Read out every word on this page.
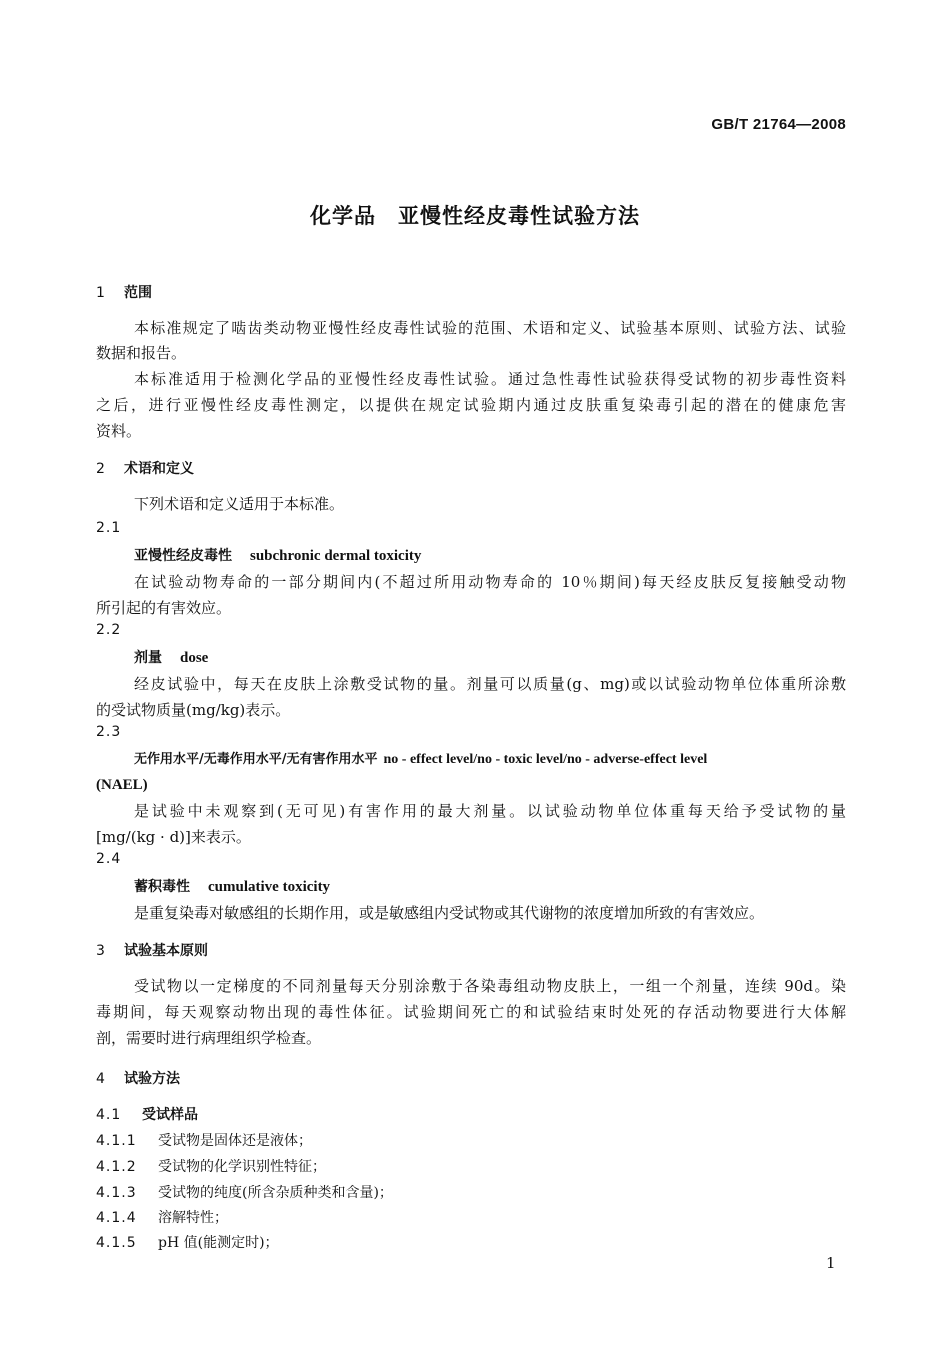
GB/T 21764—2008
化学品　亚慢性经皮毒性试验方法
1 范围
本标准规定了啮齿类动物亚慢性经皮毒性试验的范围、术语和定义、试验基本原则、试验方法、试验
数据和报告。
本标准适用于检测化学品的亚慢性经皮毒性试验。通过急性毒性试验获得受试物的初步毒性资料
之后，进行亚慢性经皮毒性测定，以提供在规定试验期内通过皮肤重复染毒引起的潜在的健康危害
资料。
2 术语和定义
下列术语和定义适用于本标准。
2.1
亚慢性经皮毒性 subchronic dermal toxicity
在试验动物寿命的一部分期间内(不超过所用动物寿命的 10％期间)每天经皮肤反复接触受动物
所引起的有害效应。
2.2
剂量 dose
经皮试验中，每天在皮肤上涂敷受试物的量。剂量可以质量(g、mg)或以试验动物单位体重所涂敷
的受试物质量(mg/kg)表示。
2.3
无作用水平/无毒作用水平/无有害作用水平 no - effect level/no - toxic level/no - adverse-effect level
(NAEL)
是试验中未观察到(无可见)有害作用的最大剂量。以试验动物单位体重每天给予受试物的量
[mg/(kg · d)]来表示。
2.4
蓄积毒性 cumulative toxicity
是重复染毒对敏感组的长期作用，或是敏感组内受试物或其代谢物的浓度增加所致的有害效应。
3 试验基本原则
受试物以一定梯度的不同剂量每天分别涂敷于各染毒组动物皮肤上，一组一个剂量，连续 90d。染
毒期间，每天观察动物出现的毒性体征。试验期间死亡的和试验结束时处死的存活动物要进行大体解
剖，需要时进行病理组织学检查。
4 试验方法
4.1 受试样品
4.1.1 受试物是固体还是液体；
4.1.2 受试物的化学识别性特征；
4.1.3 受试物的纯度(所含杂质种类和含量)；
4.1.4 溶解特性；
4.1.5 pH 值(能测定时)；
1
